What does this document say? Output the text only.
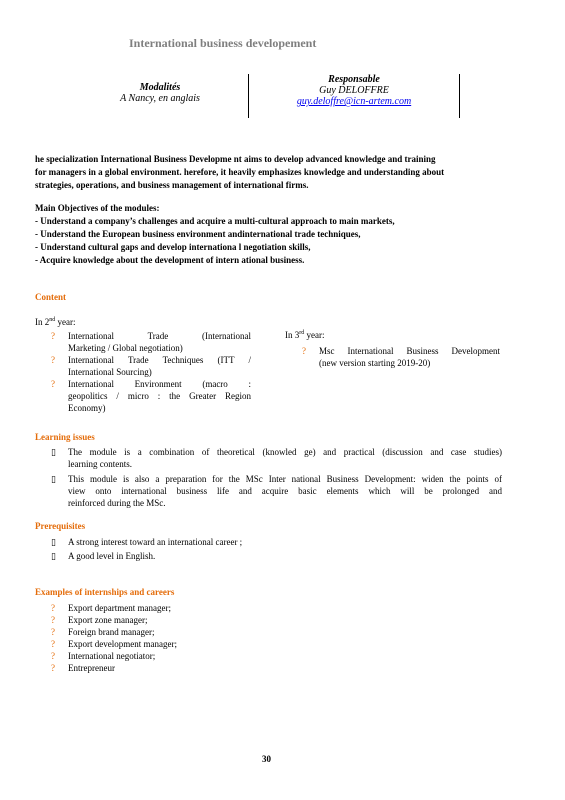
International business developement
Modalités
A Nancy, en anglais
Responsable
Guy DELOFFRE
guy.deloffre@icn-artem.com

he specialization International Business Developme nt aims to develop advanced knowledge and training

for managers in a global environment. herefore, it heavily emphasizes knowledge and understanding about

strategies, operations, and business management of international firms.

Main Objectives of the modules:

- Understand a company’s challenges and acquire a multi-cultural approach to main markets,

- Understand the European business environment andinternational trade techniques,

- Understand cultural gaps and develop internationa l negotiation skills,

- Acquire knowledge about the development of intern ational business.

Content
In 2nd year:
? International Trade (International
Marketing / Global negotiation)
? International Trade Techniques (ITT /
International Sourcing)
? International Environment (macro :
geopolitics / micro : the Greater Region
Economy)
In 3rd year:
? Msc International Business Development
(new version starting 2019-20)
Learning issues
▯ The module is a combination of theoretical (knowled ge) and practical (discussion and case studies)
learning contents.
▯ This module is also a preparation for the MSc Inter national Business Development: widen the points of
view onto international business life and acquire basic elements which will be prolonged and
reinforced during the MSc.
Prerequisites
▯ A strong interest toward an international career ;
▯ A good level in English.
Examples of internships and careers
? Export department manager;
? Export zone manager;
? Foreign brand manager;
? Export development manager;
? International negotiator;
? Entrepreneur
30
